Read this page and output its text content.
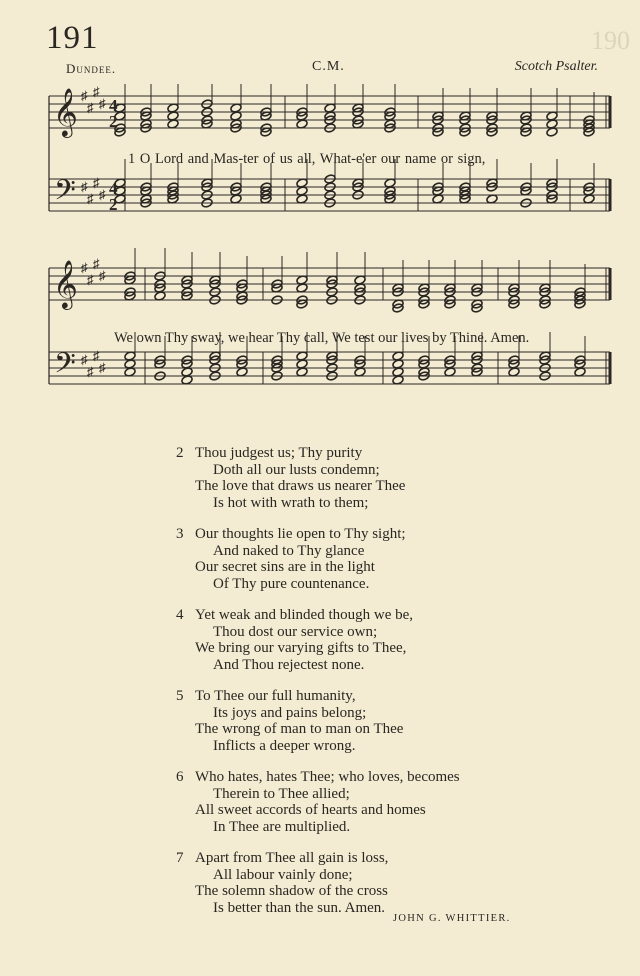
190
191
Dundee.	C.M.	Scotch Psalter.
𝄞
𝄢
♯
♯
♯
♯
♯
♯
♯
♯
4
2
4
2
𝄞
𝄢
♯
♯
♯
♯
♯
♯
♯
♯
1 O Lord and Mas-ter of us all, What-e'er our name or sign,
We own Thy sway, we hear Thy call, We test our lives by Thine. Amen.
2 Thou judgest us; Thy purity
Doth all our lusts condemn;
The love that draws us nearer Thee
Is hot with wrath to them;
3 Our thoughts lie open to Thy sight;
And naked to Thy glance
Our secret sins are in the light
Of Thy pure countenance.
4 Yet weak and blinded though we be,
Thou dost our service own;
We bring our varying gifts to Thee,
And Thou rejectest none.
5 To Thee our full humanity,
Its joys and pains belong;
The wrong of man to man on Thee
Inflicts a deeper wrong.
6 Who hates, hates Thee; who loves, becomes
Therein to Thee allied;
All sweet accords of hearts and homes
In Thee are multiplied.
7 Apart from Thee all gain is loss,
All labour vainly done;
The solemn shadow of the cross
Is better than the sun. Amen.
JOHN G. WHITTIER.
